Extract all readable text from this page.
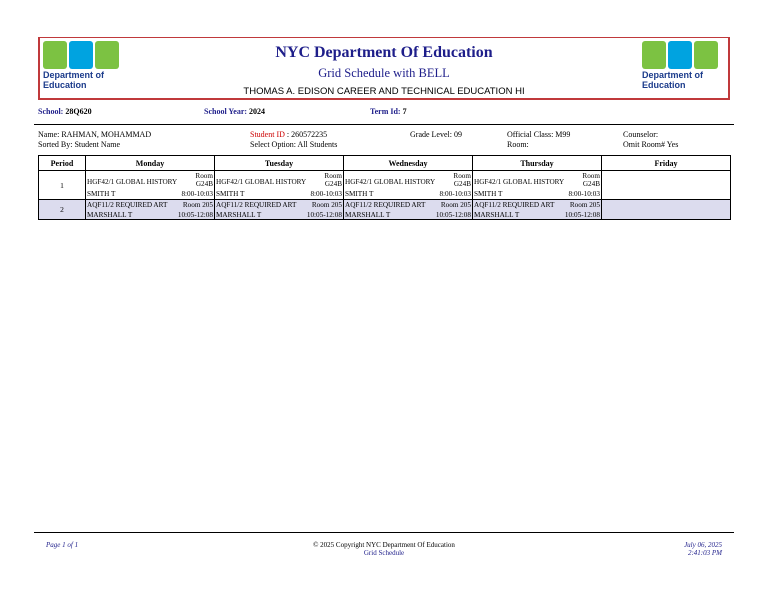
Department of
Education
NYC Department Of Education
Grid Schedule with BELL
THOMAS A. EDISON CAREER AND TECHNICAL EDUCATION HI
Department of
Education
School: 28Q620	School Year: 2024	Term Id: 7
Name: RAHMAN, MOHAMMAD
Sorted By: Student Name
Student ID : 260572235
Select Option: All Students
Grade Level: 09	Official Class: M99
Room:
Counselor:
Omit Room# Yes
Period	Monday	Tuesday	Wednesday	Thursday	Friday
1	HGF42/1 GLOBAL HISTORY
Room G24B
SMITH T 8:00-10:03	HGF42/1 GLOBAL HISTORY
Room G24B
SMITH T 8:00-10:03	HGF42/1 GLOBAL HISTORY
Room G24B
SMITH T 8:00-10:03	HGF42/1 GLOBAL HISTORY
Room G24B
SMITH T 8:00-10:03	

2	AQF11/2 REQUIRED ART Room 205
MARSHALL T 10:05-12:08	AQF11/2 REQUIRED ART Room 205
MARSHALL T 10:05-12:08	AQF11/2 REQUIRED ART Room 205
MARSHALL T 10:05-12:08	AQF11/2 REQUIRED ART Room 205
MARSHALL T 10:05-12:08	

Page 1 of 1	© 2025 Copyright NYC Department Of Education
Grid Schedule
July 06, 2025
2:41:03 PM
